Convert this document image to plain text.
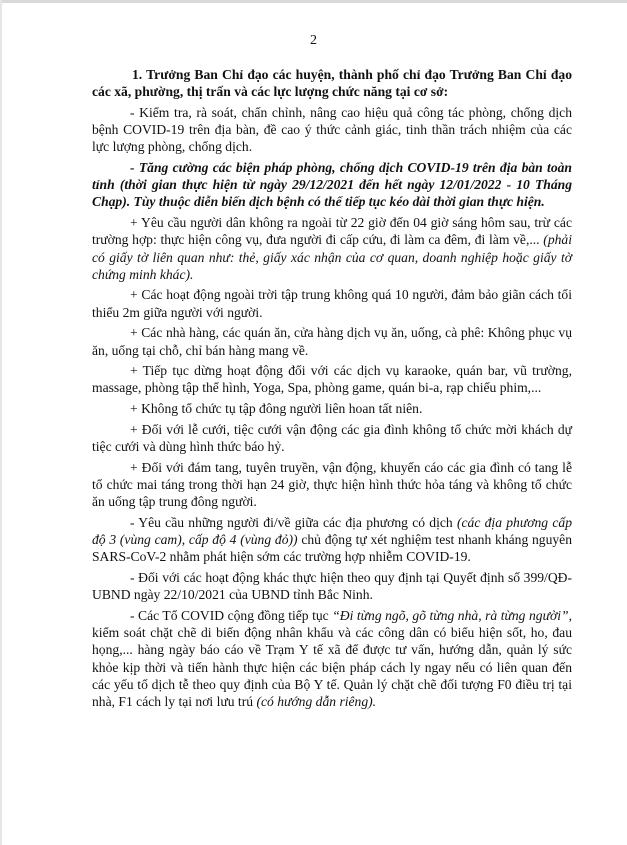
2

1. Trưởng Ban Chỉ đạo các huyện, thành phố chỉ đạo Trưởng Ban Chỉ đạo các xã, phường, thị trấn và các lực lượng chức năng tại cơ sở:

- Kiểm tra, rà soát, chấn chỉnh, nâng cao hiệu quả công tác phòng, chống dịch bệnh COVID-19 trên địa bàn, đề cao ý thức cảnh giác, tinh thần trách nhiệm của các lực lượng phòng, chống dịch.

- Tăng cường các biện pháp phòng, chống dịch COVID-19 trên địa bàn toàn tỉnh (thời gian thực hiện từ ngày 29/12/2021 đến hết ngày 12/01/2022 - 10 Tháng Chạp). Tùy thuộc diễn biến dịch bệnh có thể tiếp tục kéo dài thời gian thực hiện.

+ Yêu cầu người dân không ra ngoài từ 22 giờ đến 04 giờ sáng hôm sau, trừ các trường hợp: thực hiện công vụ, đưa người đi cấp cứu, đi làm ca đêm, đi làm về,... (phải có giấy tờ liên quan như: thẻ, giấy xác nhận của cơ quan, doanh nghiệp hoặc giấy tờ chứng minh khác).

+ Các hoạt động ngoài trời tập trung không quá 10 người, đảm bảo giãn cách tối thiểu 2m giữa người với người.

+ Các nhà hàng, các quán ăn, cửa hàng dịch vụ ăn, uống, cà phê: Không phục vụ ăn, uống tại chỗ, chỉ bán hàng mang về.

+ Tiếp tục dừng hoạt động đối với các dịch vụ karaoke, quán bar, vũ trường, massage, phòng tập thể hình, Yoga, Spa, phòng game, quán bi-a, rạp chiếu phim,...

+ Không tổ chức tụ tập đông người liên hoan tất niên.

+ Đối với lễ cưới, tiệc cưới vận động các gia đình không tổ chức mời khách dự tiệc cưới và dùng hình thức báo hỷ.

+ Đối với đám tang, tuyên truyền, vận động, khuyến cáo các gia đình có tang lễ tổ chức mai táng trong thời hạn 24 giờ, thực hiện hình thức hỏa táng và không tổ chức ăn uống tập trung đông người.

- Yêu cầu những người đi/về giữa các địa phương có dịch (các địa phương cấp độ 3 (vùng cam), cấp độ 4 (vùng đỏ)) chủ động tự xét nghiệm test nhanh kháng nguyên SARS-CoV-2 nhằm phát hiện sớm các trường hợp nhiễm COVID-19.

- Đối với các hoạt động khác thực hiện theo quy định tại Quyết định số 399/QĐ-UBND ngày 22/10/2021 của UBND tỉnh Bắc Ninh.

- Các Tổ COVID cộng đồng tiếp tục “Đi từng ngõ, gõ từng nhà, rà từng người”, kiểm soát chặt chẽ di biến động nhân khẩu và các công dân có biểu hiện sốt, ho, đau họng,... hàng ngày báo cáo về Trạm Y tế xã để được tư vấn, hướng dẫn, quản lý sức khỏe kịp thời và tiến hành thực hiện các biện pháp cách ly ngay nếu có liên quan đến các yếu tố dịch tễ theo quy định của Bộ Y tế. Quản lý chặt chẽ đối tượng F0 điều trị tại nhà, F1 cách ly tại nơi lưu trú (có hướng dẫn riêng).
